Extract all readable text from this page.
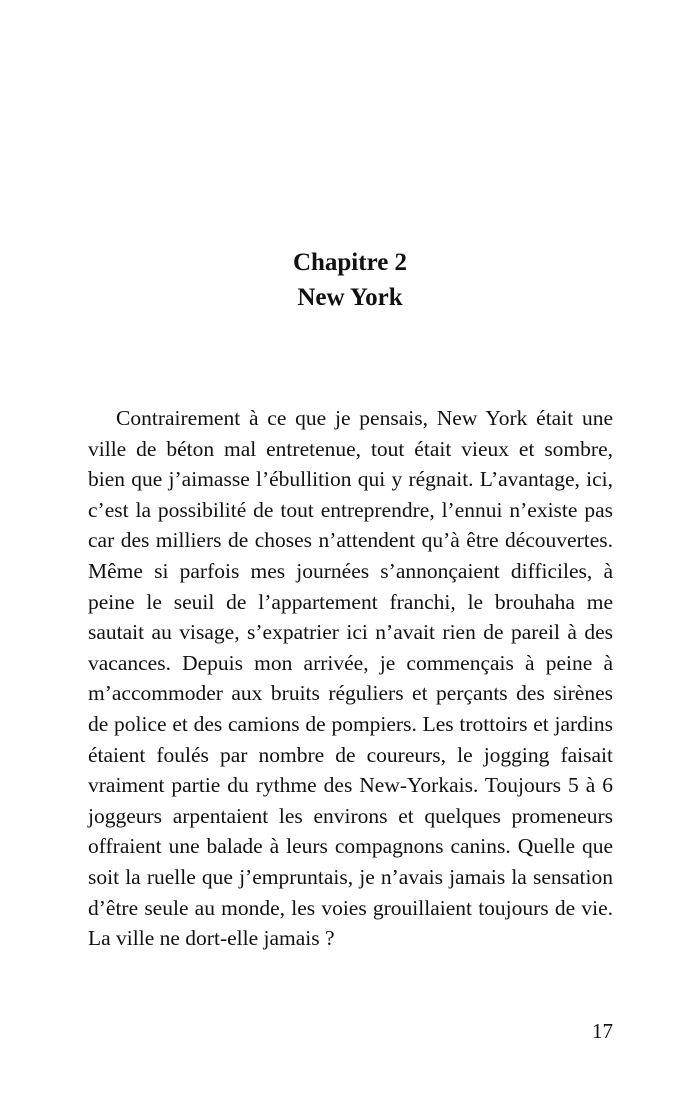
Chapitre 2
New York

Contrairement à ce que je pensais, New York était une ville de béton mal entretenue, tout était vieux et sombre, bien que j’aimasse l’ébullition qui y régnait. L’avantage, ici, c’est la possibilité de tout entreprendre, l’ennui n’existe pas car des milliers de choses n’attendent qu’à être découvertes. Même si parfois mes journées s’annonçaient difficiles, à peine le seuil de l’appartement franchi, le brouhaha me sautait au visage, s’expatrier ici n’avait rien de pareil à des vacances. Depuis mon arrivée, je commençais à peine à m’accommoder aux bruits réguliers et perçants des sirènes de police et des camions de pompiers. Les trottoirs et jardins étaient foulés par nombre de coureurs, le jogging faisait vraiment partie du rythme des New-Yorkais. Toujours 5 à 6 joggeurs arpentaient les environs et quelques promeneurs offraient une balade à leurs compagnons canins. Quelle que soit la ruelle que j’empruntais, je n’avais jamais la sensation d’être seule au monde, les voies grouillaient toujours de vie. La ville ne dort-elle jamais ?

17
